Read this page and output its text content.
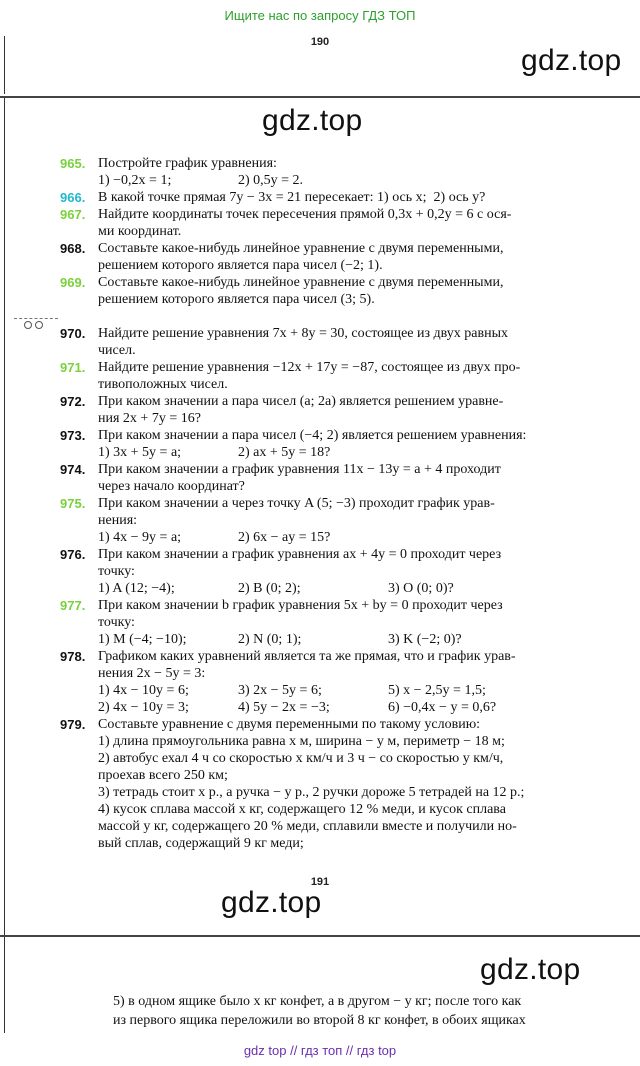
Ищите нас по запросу ГДЗ ТОП
190
gdz.top
gdz.top
965. Постройте график уравнения:
1) −0,2x = 1;	2) 0,5y = 2.
966. В какой точке прямая 7y − 3x = 21 пересекает: 1) ось x;  2) ось y?
967. Найдите координаты точек пересечения прямой 0,3x + 0,2y = 6 с ося-
ми координат.
968. Составьте какое-нибудь линейное уравнение с двумя переменными,
решением которого является пара чисел (−2; 1).
969. Составьте какое-нибудь линейное уравнение с двумя переменными,
решением которого является пара чисел (3; 5).
970. Найдите решение уравнения 7x + 8y = 30, состоящее из двух равных
чисел.
971. Найдите решение уравнения −12x + 17y = −87, состоящее из двух про-
тивоположных чисел.
972. При каком значении a пара чисел (a; 2a) является решением уравне-
ния 2x + 7y = 16?
973. При каком значении a пара чисел (−4; 2) является решением уравнения:
1) 3x + 5y = a;	2) ax + 5y = 18?
974. При каком значении a график уравнения 11x − 13y = a + 4 проходит
через начало координат?
975. При каком значении a через точку A (5; −3) проходит график урав-
нения:
1) 4x − 9y = a;	2) 6x − ay = 15?
976. При каком значении a график уравнения ax + 4y = 0 проходит через
точку:
1) A (12; −4);	2) B (0; 2);	3) O (0; 0)?
977. При каком значении b график уравнения 5x + by = 0 проходит через
точку:
1) M (−4; −10);	2) N (0; 1);	3) K (−2; 0)?
978. Графиком каких уравнений является та же прямая, что и график урав-
нения 2x − 5y = 3:
1) 4x − 10y = 6;	3) 2x − 5y = 6;	5) x − 2,5y = 1,5;
2) 4x − 10y = 3;	4) 5y − 2x = −3;	6) −0,4x − y = 0,6?
979. Составьте уравнение с двумя переменными по такому условию:
1) длина прямоугольника равна x м, ширина − y м, периметр − 18 м;
2) автобус ехал 4 ч со скоростью x км/ч и 3 ч − со скоростью y км/ч,
проехав всего 250 км;
3) тетрадь стоит x р., а ручка − y р., 2 ручки дороже 5 тетрадей на 12 р.;
4) кусок сплава массой x кг, содержащего 12 % меди, и кусок сплава
массой y кг, содержащего 20 % меди, сплавили вместе и получили но-
вый сплав, содержащий 9 кг меди;
191
gdz.top
gdz.top
5) в одном ящике было x кг конфет, а в другом − y кг; после того как
из первого ящика переложили во второй 8 кг конфет, в обоих ящиках
gdz top // гдз топ // гдз top
